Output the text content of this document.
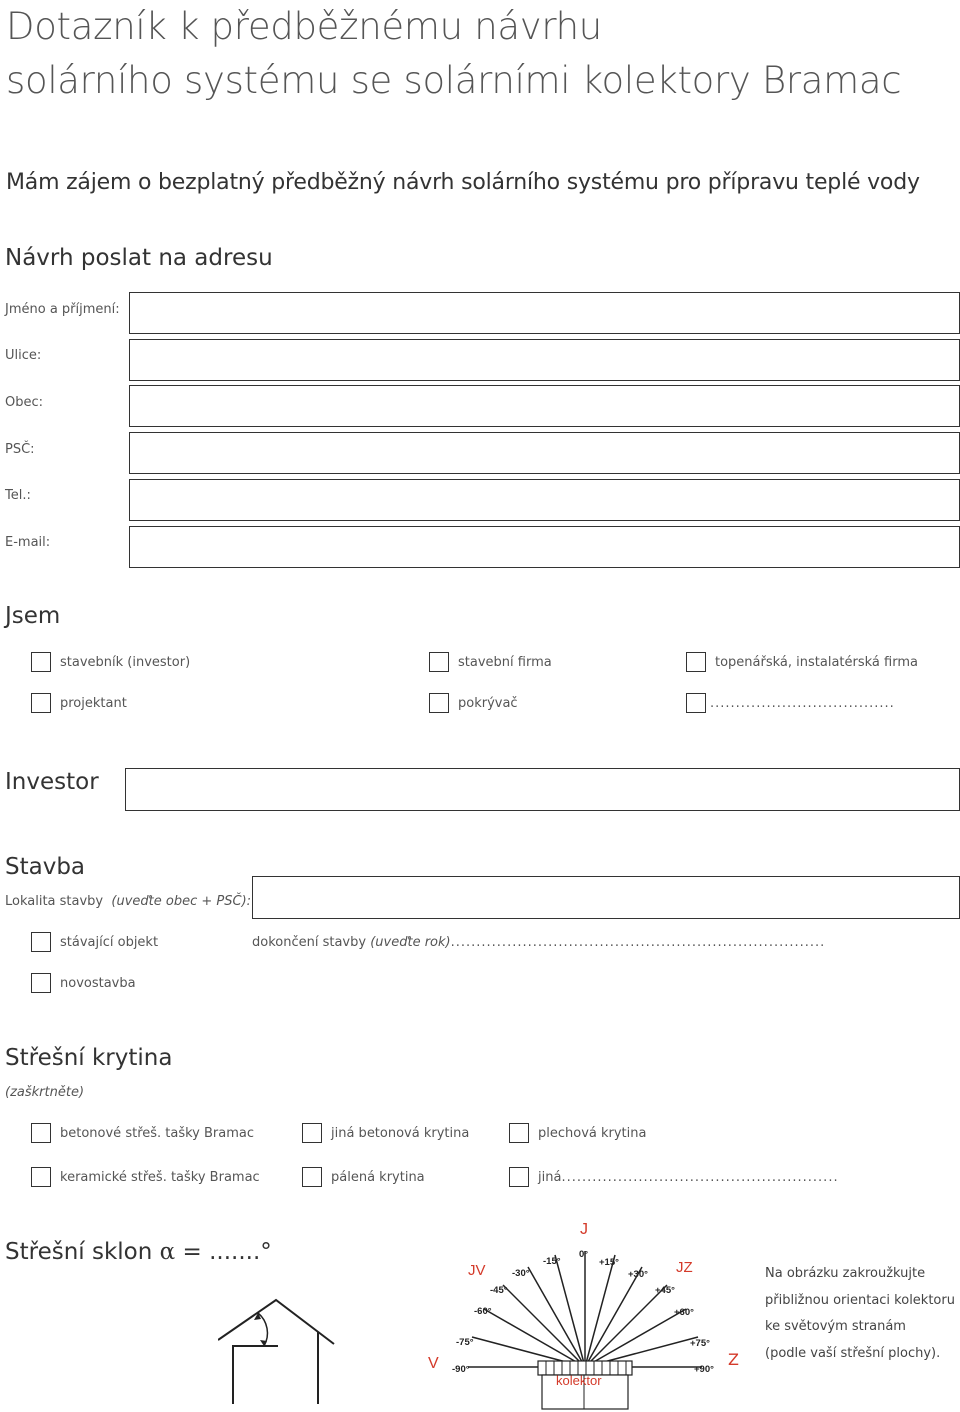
Dotazník k předběžnému návrhu
solárního systému se solárními kolektory Bramac
Mám zájem o bezplatný předběžný návrh solárního systému pro přípravu teplé vody
Návrh poslat na adresu
Jméno a příjmení:
Ulice:
Obec:
PSČ:
Tel.:
E-mail:
Jsem
stavebník (investor)	stavební firma	topenářská, instalatérská firma
projektant	pokrývač	....................................
Investor
Stavba
Lokalita stavby (uveďte obec + PSČ):
stávající objekt	dokončení stavby (uveďte rok).........................................................................
novostavba
Střešní krytina
(zaškrtněte)
betonové střeš. tašky Bramac	jiná betonová krytina	plechová krytina
keramické střeš. tašky Bramac	pálená krytina	jiná......................................................
Střešní sklon α = .......°
J
JV	JZ
V -90°
-75°
-60°
-45°
-30°
-15°
0°
+15°
+30°
+45°
+60°
+75°
+90°
kolektor
Z
Na obrázku zakroužkujte
přibližnou orientaci kolektoru
ke světovým stranám
(podle vaší střešní plochy).
